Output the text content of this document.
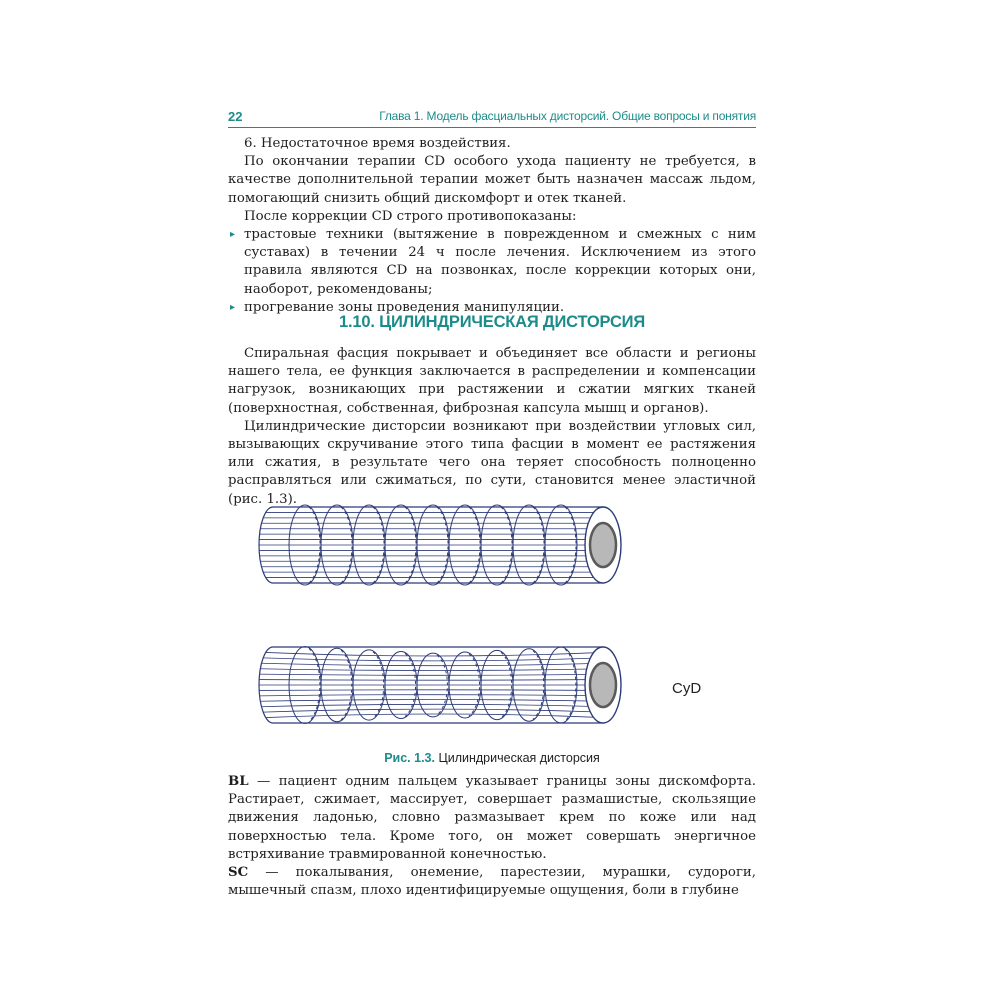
22	Глава 1. Модель фасциальных дисторсий. Общие вопросы и понятия

6. Недостаточное время воздействия.

По окончании терапии CD особого ухода пациенту не требуется, в качестве дополнительной терапии может быть назначен массаж льдом, помогающий снизить общий дискомфорт и отек тканей.

После коррекции CD строго противопоказаны:

▸ трастовые техники (вытяжение в поврежденном и смежных с ним суставах) в течении 24 ч после лечения. Исключением из этого правила являются CD на позвонках, после коррекции которых они, наоборот, рекомендованы;
▸ прогревание зоны проведения манипуляции.
1.10. ЦИЛИНДРИЧЕСКАЯ ДИСТОРСИЯ

Спиральная фасция покрывает и объединяет все области и регионы нашего тела, ее функция заключается в распределении и компенсации нагрузок, возникающих при растяжении и сжатии мягких тканей (поверхностная, собственная, фиброзная капсула мышц и органов).

Цилиндрические дисторсии возникают при воздействии угловых сил, вызывающих скручивание этого типа фасции в момент ее растяжения или сжатия, в результате чего она теряет способность полноценно расправляться или сжиматься, по сути, становится менее эластичной (рис. 1.3).

CyD
Рис. 1.3. Цилиндрическая дисторсия

BL — пациент одним пальцем указывает границы зоны дискомфорта. Растирает, сжимает, массирует, совершает размашистые, скользящие движения ладонью, словно размазывает крем по коже или над поверхностью тела. Кроме того, он может совершать энергичное встряхивание травмированной конечностью.

SC — покалывания, онемение, парестезии, мурашки, судороги, мышечный спазм, плохо идентифицируемые ощущения, боли в глубине
